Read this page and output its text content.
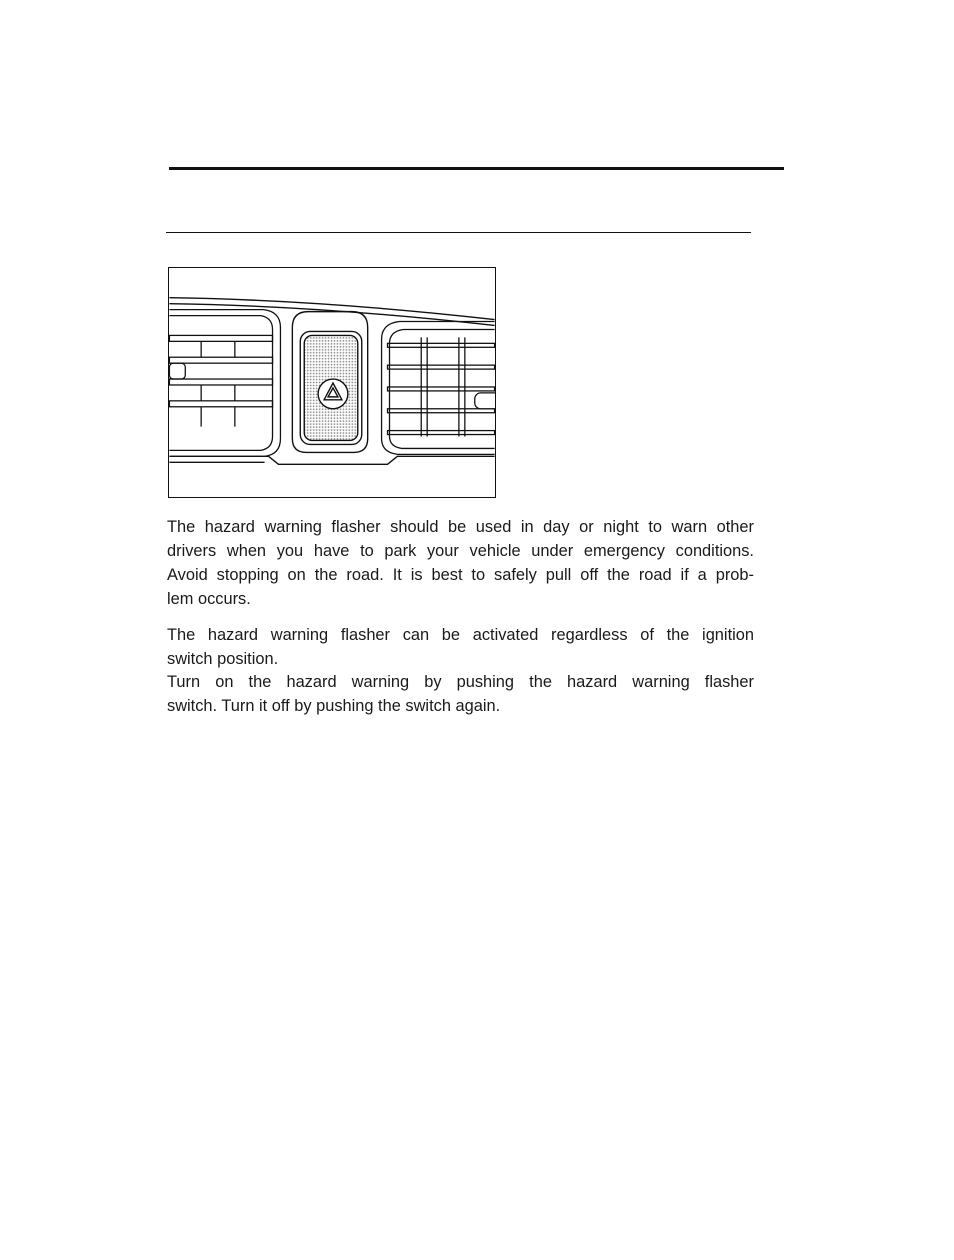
The hazard warning flasher should be used in day or night to warn other
drivers when you have to park your vehicle under emergency conditions.
Avoid stopping on the road. It is best to safely pull off the road if a prob-
lem occurs.

The hazard warning flasher can be activated regardless of the ignition
switch position.

Turn on the hazard warning by pushing the hazard warning flasher
switch. Turn it off by pushing the switch again.
